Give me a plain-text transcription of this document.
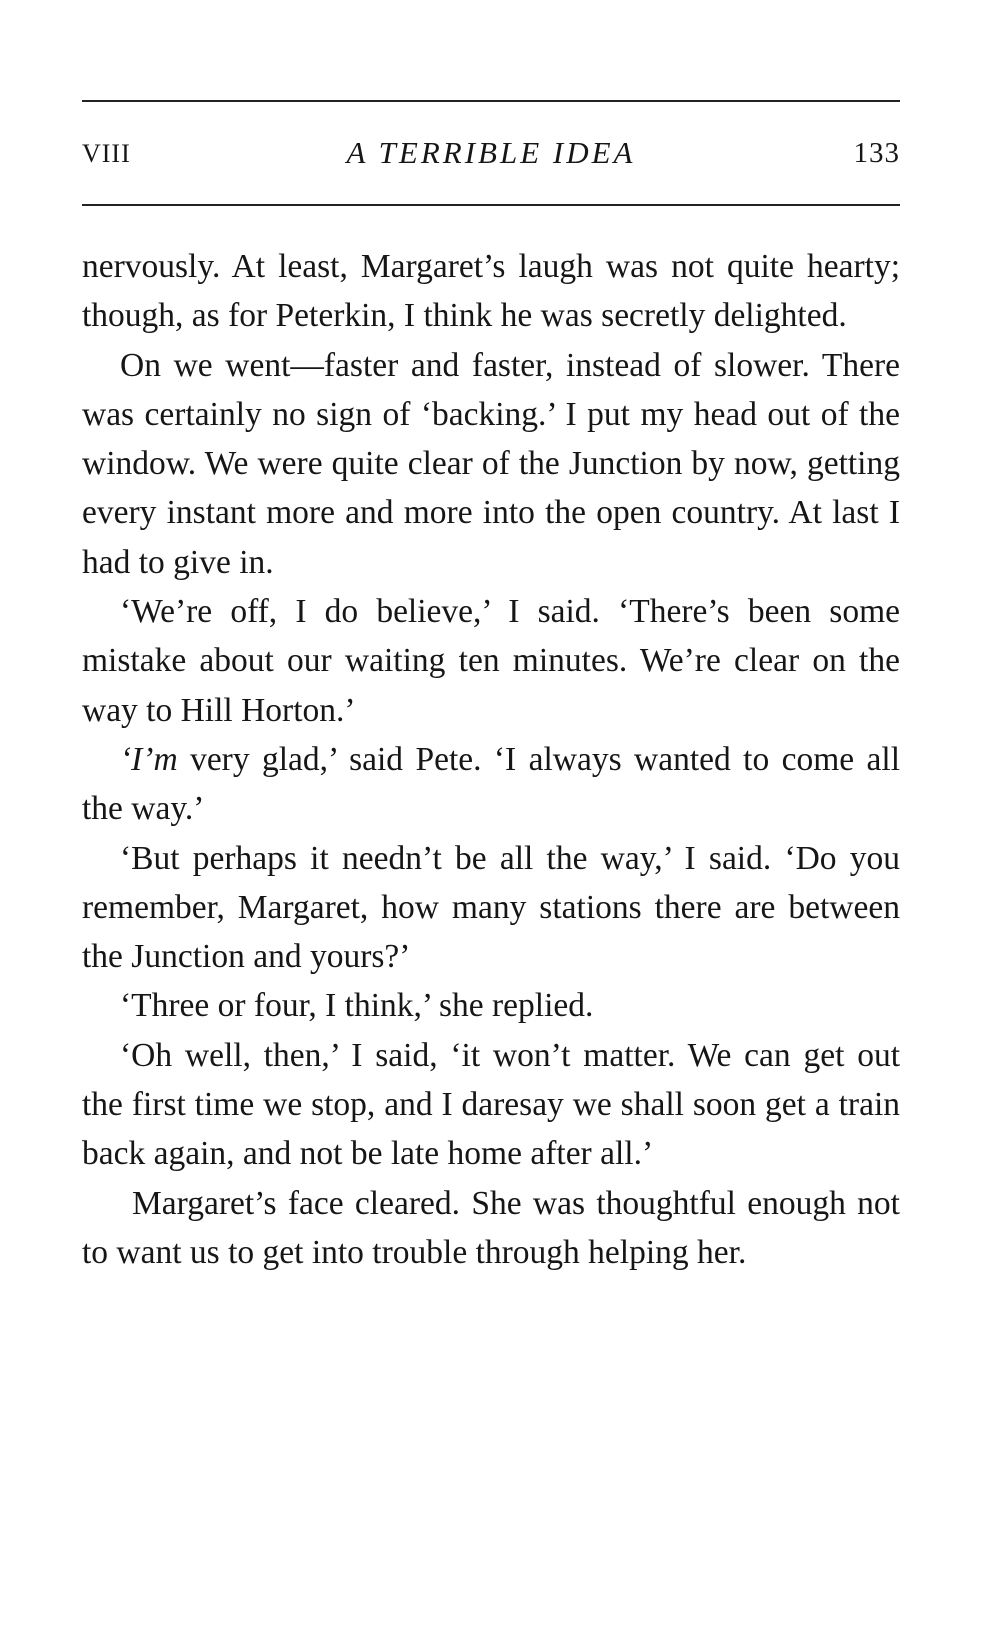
VIII	A TERRIBLE IDEA	133

nervously. At least, Margaret’s laugh was not quite hearty; though, as for Peterkin, I think he was secretly delighted.

On we went—faster and faster, instead of slower. There was certainly no sign of ‘backing.’ I put my head out of the window. We were quite clear of the Junction by now, getting every instant more and more into the open country. At last I had to give in.

‘We’re off, I do believe,’ I said. ‘There’s been some mistake about our waiting ten minutes. We’re clear on the way to Hill Horton.’

‘I’m very glad,’ said Pete. ‘I always wanted to come all the way.’

‘But perhaps it needn’t be all the way,’ I said. ‘Do you remember, Margaret, how many stations there are between the Junction and yours?’

‘Three or four, I think,’ she replied.

‘Oh well, then,’ I said, ‘it won’t matter. We can get out the first time we stop, and I daresay we shall soon get a train back again, and not be late home after all.’

Margaret’s face cleared. She was thoughtful enough not to want us to get into trouble through helping her.
